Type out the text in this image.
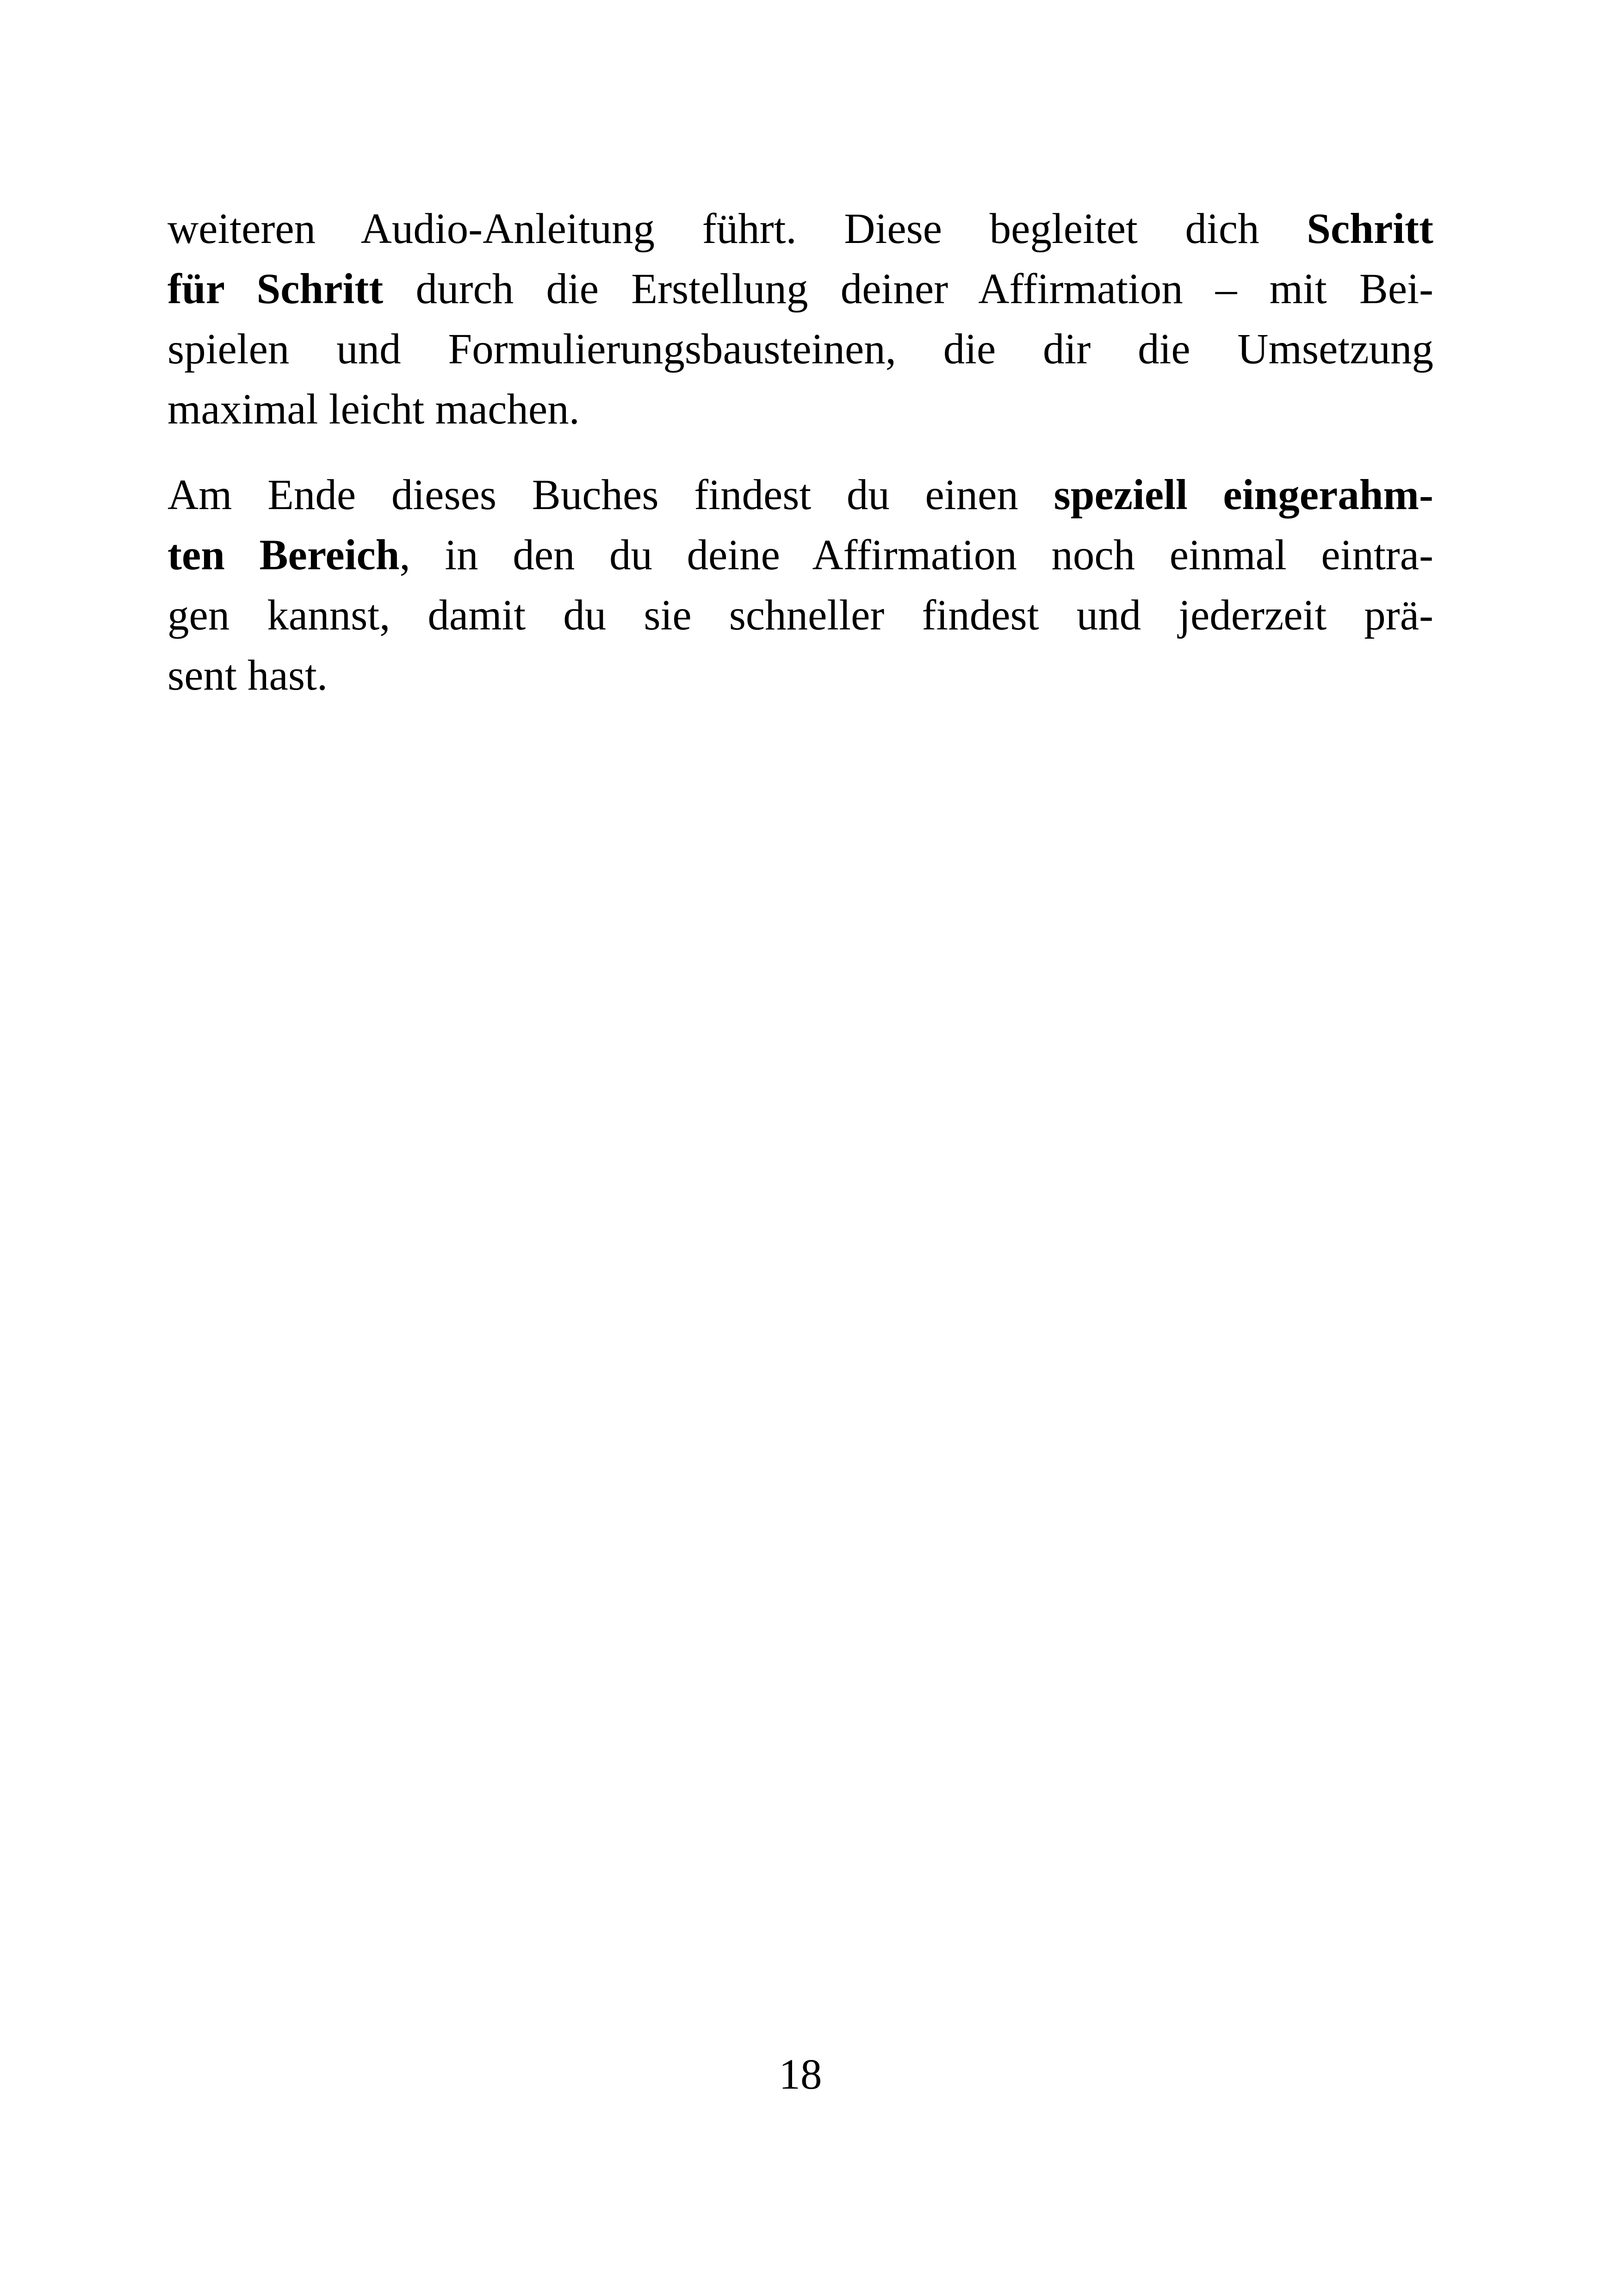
weiteren Audio-Anleitung führt. Diese begleitet dich Schritt
für Schritt durch die Erstellung deiner Affirmation – mit Bei-
spielen und Formulierungsbausteinen, die dir die Umsetzung
maximal leicht machen.
Am Ende dieses Buches findest du einen speziell eingerahm-
ten Bereich, in den du deine Affirmation noch einmal eintra-
gen kannst, damit du sie schneller findest und jederzeit prä-
sent hast.
18
